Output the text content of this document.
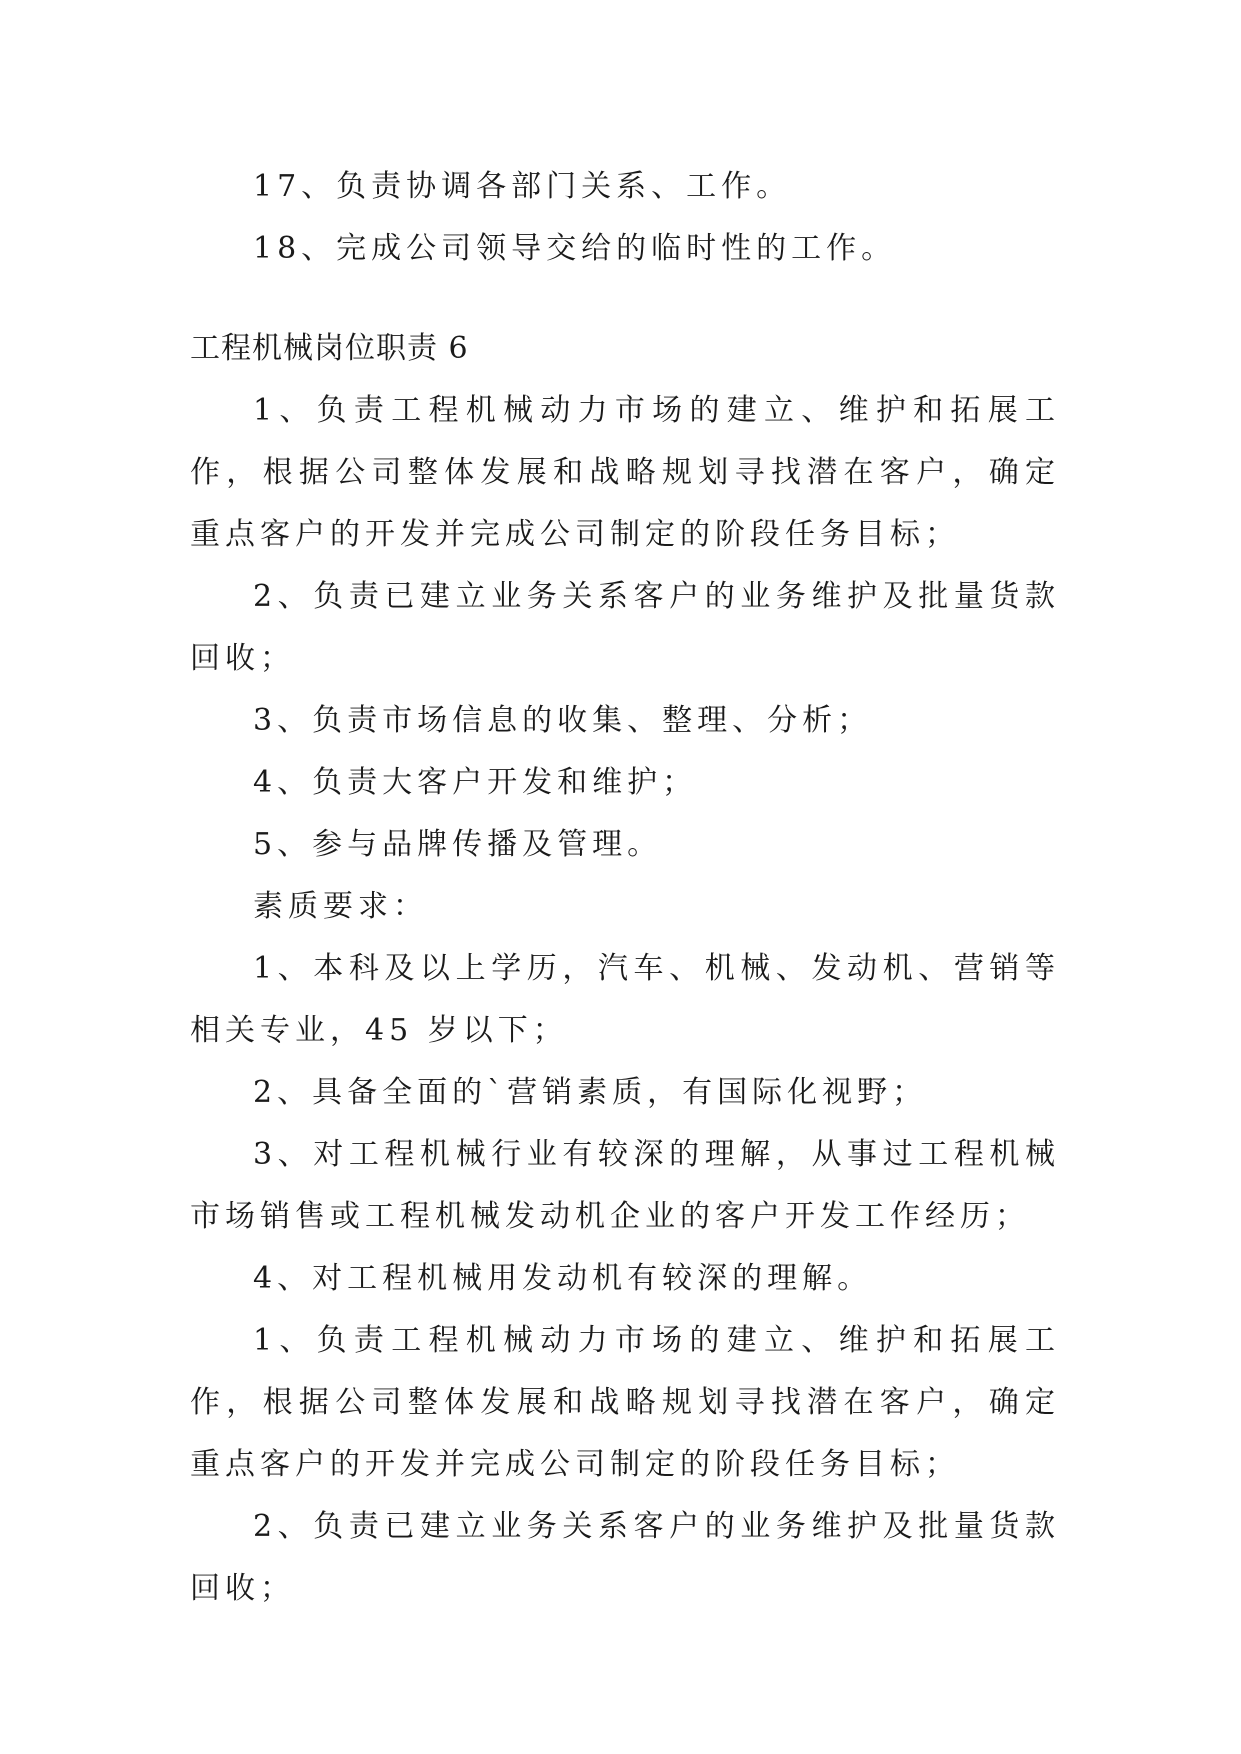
17、负责协调各部门关系、工作。

18、完成公司领导交给的临时性的工作。

工程机械岗位职责 6

1、负责工程机械动力市场的建立、维护和拓展工作，根据公司整体发展和战略规划寻找潜在客户，确定重点客户的开发并完成公司制定的阶段任务目标；

2、负责已建立业务关系客户的业务维护及批量货款回收；

3、负责市场信息的收集、整理、分析；

4、负责大客户开发和维护；

5、参与品牌传播及管理。

素质要求：

1、本科及以上学历，汽车、机械、发动机、营销等相关专业，45 岁以下；

2、具备全面的`营销素质，有国际化视野；

3、对工程机械行业有较深的理解，从事过工程机械市场销售或工程机械发动机企业的客户开发工作经历；

4、对工程机械用发动机有较深的理解。

1、负责工程机械动力市场的建立、维护和拓展工作，根据公司整体发展和战略规划寻找潜在客户，确定重点客户的开发并完成公司制定的阶段任务目标；

2、负责已建立业务关系客户的业务维护及批量货款回收；
